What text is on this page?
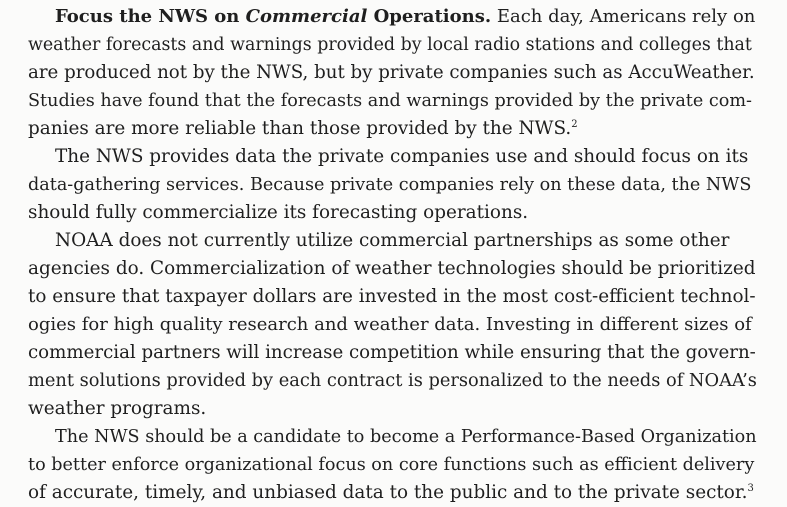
Focus the NWS on Commercial Operations. Each day, Americans rely on
weather forecasts and warnings provided by local radio stations and colleges that
are produced not by the NWS, but by private companies such as AccuWeather.
Studies have found that the forecasts and warnings provided by the private com-
panies are more reliable than those provided by the NWS.$^2$
The NWS provides data the private companies use and should focus on its
data-gathering services. Because private companies rely on these data, the NWS
should fully commercialize its forecasting operations.
NOAA does not currently utilize commercial partnerships as some other
agencies do. Commercialization of weather technologies should be prioritized
to ensure that taxpayer dollars are invested in the most cost-efficient technol-
ogies for high quality research and weather data. Investing in different sizes of
commercial partners will increase competition while ensuring that the govern-
ment solutions provided by each contract is personalized to the needs of NOAA’s
weather programs.
The NWS should be a candidate to become a Performance-Based Organization
to better enforce organizational focus on core functions such as efficient delivery
of accurate, timely, and unbiased data to the public and to the private sector.$^3$
